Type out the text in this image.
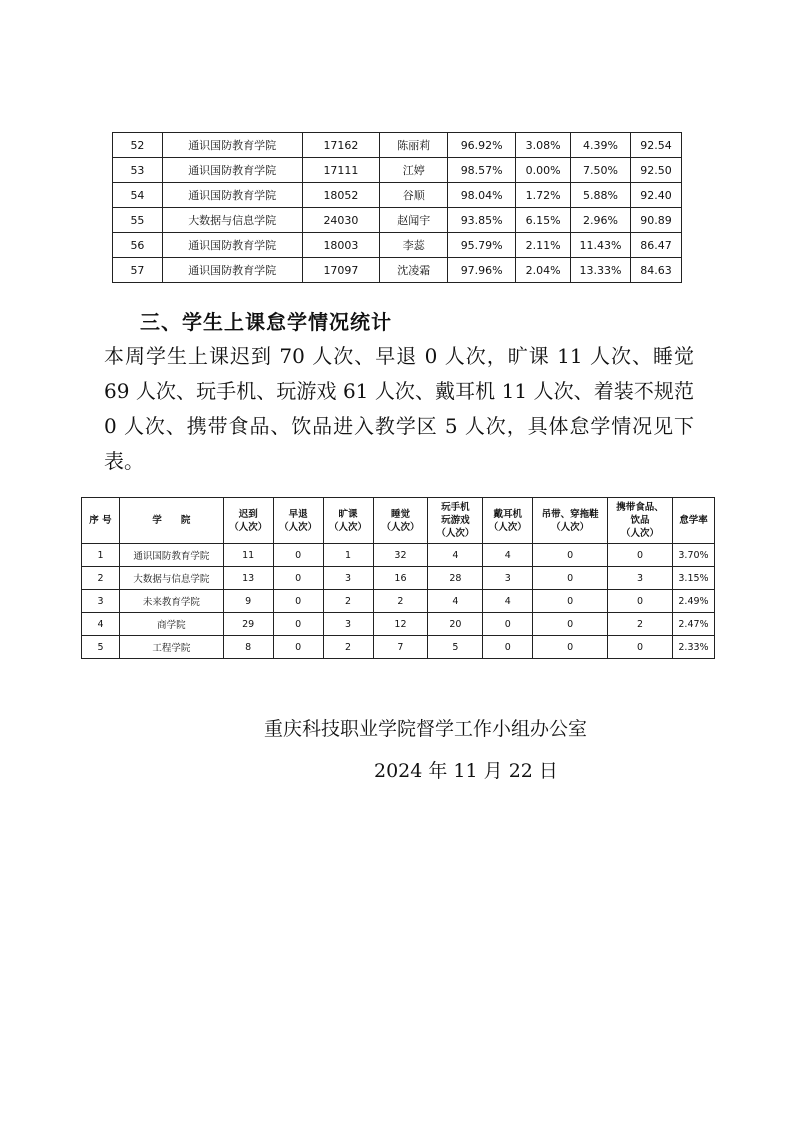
52	通识国防教育学院	17162	陈丽莉	96.92%	3.08%	4.39%	92.54
53	通识国防教育学院	17111	江婷	98.57%	0.00%	7.50%	92.50
54	通识国防教育学院	18052	谷顺	98.04%	1.72%	5.88%	92.40
55	大数据与信息学院	24030	赵闻宇	93.85%	6.15%	2.96%	90.89
56	通识国防教育学院	18003	李蕊	95.79%	2.11%	11.43%	86.47
57	通识国防教育学院	17097	沈凌霜	97.96%	2.04%	13.33%	84.63
三、学生上课怠学情况统计

本周学生上课迟到 70 人次、早退 0 人次，旷课 11 人次、睡觉 69 人次、玩手机、玩游戏 61 人次、戴耳机 11 人次、着装不规范 0 人次、携带食品、饮品进入教学区 5 人次，具体怠学情况见下表。

序 号	学　　院	迟到
（人次）	早退
（人次）	旷课
（人次）	睡觉
（人次）	玩手机
玩游戏
（人次）	戴耳机
（人次）	吊带、穿拖鞋
（人次）	携带食品、
饮品
（人次）	怠学率
1	通识国防教育学院	11	0	1	32	4	4	0	0	3.70%
2	大数据与信息学院	13	0	3	16	28	3	0	3	3.15%
3	未来教育学院	9	0	2	2	4	4	0	0	2.49%
4	商学院	29	0	3	12	20	0	0	2	2.47%
5	工程学院	8	0	2	7	5	0	0	0	2.33%
重庆科技职业学院督学工作小组办公室
2024 年 11 月 22 日
